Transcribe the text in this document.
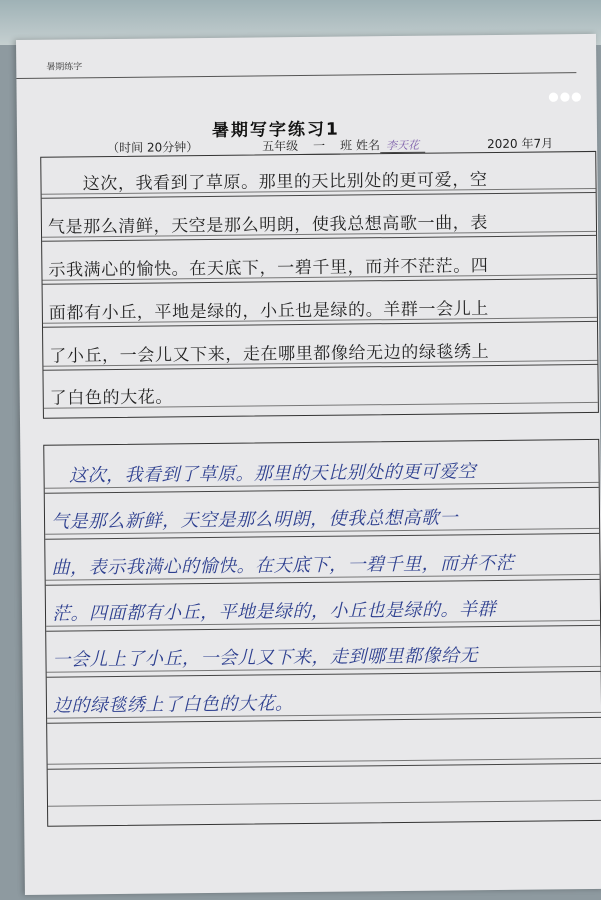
暑期练字
●●●
暑期写字练习1
（时间 20分钟）	五年级 一 班 姓名 李天花	2020 年7月
　　这次，我看到了草原。那里的天比别处的更可爱，空
气是那么清鲜，天空是那么明朗，使我总想高歌一曲，表
示我满心的愉快。在天底下，一碧千里，而并不茫茫。四
面都有小丘，平地是绿的，小丘也是绿的。羊群一会儿上
了小丘，一会儿又下来，走在哪里都像给无边的绿毯绣上
了白色的大花。
　这次，我看到了草原。那里的天比别处的更可爱空
气是那么新鲜，天空是那么明朗，使我总想高歌一
曲，表示我满心的愉快。在天底下，一碧千里，而并不茫
茫。四面都有小丘，平地是绿的，小丘也是绿的。羊群
一会儿上了小丘，一会儿又下来，走到哪里都像给无
边的绿毯绣上了白色的大花。
